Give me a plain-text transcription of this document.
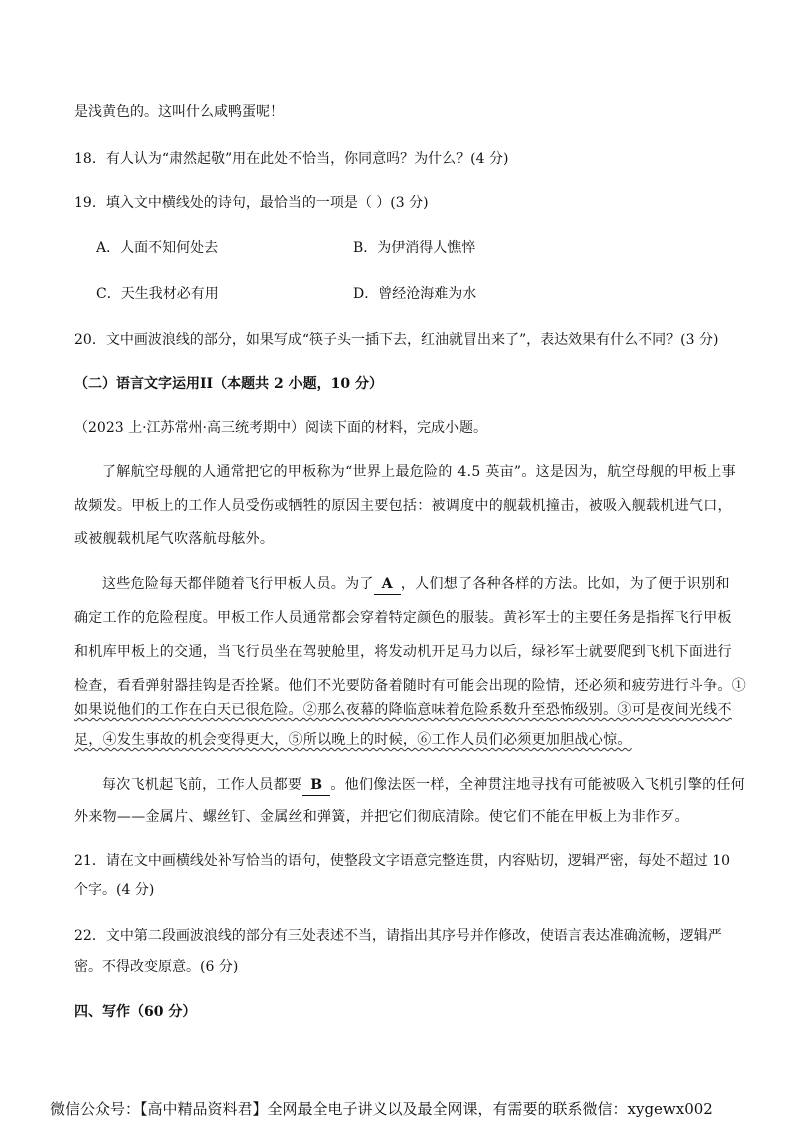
是浅黄色的。这叫什么咸鸭蛋呢！
18．有人认为“肃然起敬”用在此处不恰当，你同意吗？为什么？(4 分)
19．填入文中横线处的诗句，最恰当的一项是（ ）(3 分)
A．人面不知何处去	B．为伊消得人憔悴
C．天生我材必有用	D．曾经沧海难为水
20．文中画波浪线的部分，如果写成“筷子头一插下去，红油就冒出来了”，表达效果有什么不同？(3 分)
（二）语言文字运用II（本题共 2 小题，10 分）
（2023 上·江苏常州·高三统考期中）阅读下面的材料，完成小题。
了解航空母舰的人通常把它的甲板称为“世界上最危险的 4.5 英亩”。这是因为，航空母舰的甲板上事
故频发。甲板上的工作人员受伤或牺牲的原因主要包括：被调度中的舰载机撞击，被吸入舰载机进气口，
或被舰载机尾气吹落航母舷外。
这些危险每天都伴随着飞行甲板人员。为了 A ，人们想了各种各样的方法。比如，为了便于识别和
确定工作的危险程度。甲板工作人员通常都会穿着特定颜色的服装。黄衫军士的主要任务是指挥飞行甲板
和机库甲板上的交通，当飞行员坐在驾驶舱里，将发动机开足马力以后，绿衫军士就要爬到飞机下面进行
检查，看看弹射器挂钩是否拴紧。他们不光要防备着随时有可能会出现的险情，还必须和疲劳进行斗争。①
如果说他们的工作在白天已很危险。②那么夜幕的降临意味着危险系数升至恐怖级别。③可是夜间光线不
足，④发生事故的机会变得更大，⑤所以晚上的时候，⑥工作人员们必须更加胆战心惊。
每次飞机起飞前，工作人员都要 B 。他们像法医一样，全神贯注地寻找有可能被吸入飞机引擎的任何
外来物——金属片、螺丝钉、金属丝和弹簧，并把它们彻底清除。使它们不能在甲板上为非作歹。
21．请在文中画横线处补写恰当的语句，使整段文字语意完整连贯，内容贴切，逻辑严密，每处不超过 10
个字。(4 分)
22．文中第二段画波浪线的部分有三处表述不当，请指出其序号并作修改，使语言表达准确流畅，逻辑严
密。不得改变原意。(6 分)
四、写作（60 分）
微信公众号：【高中精品资料君】全网最全电子讲义以及最全网课，有需要的联系微信：xygewx002
